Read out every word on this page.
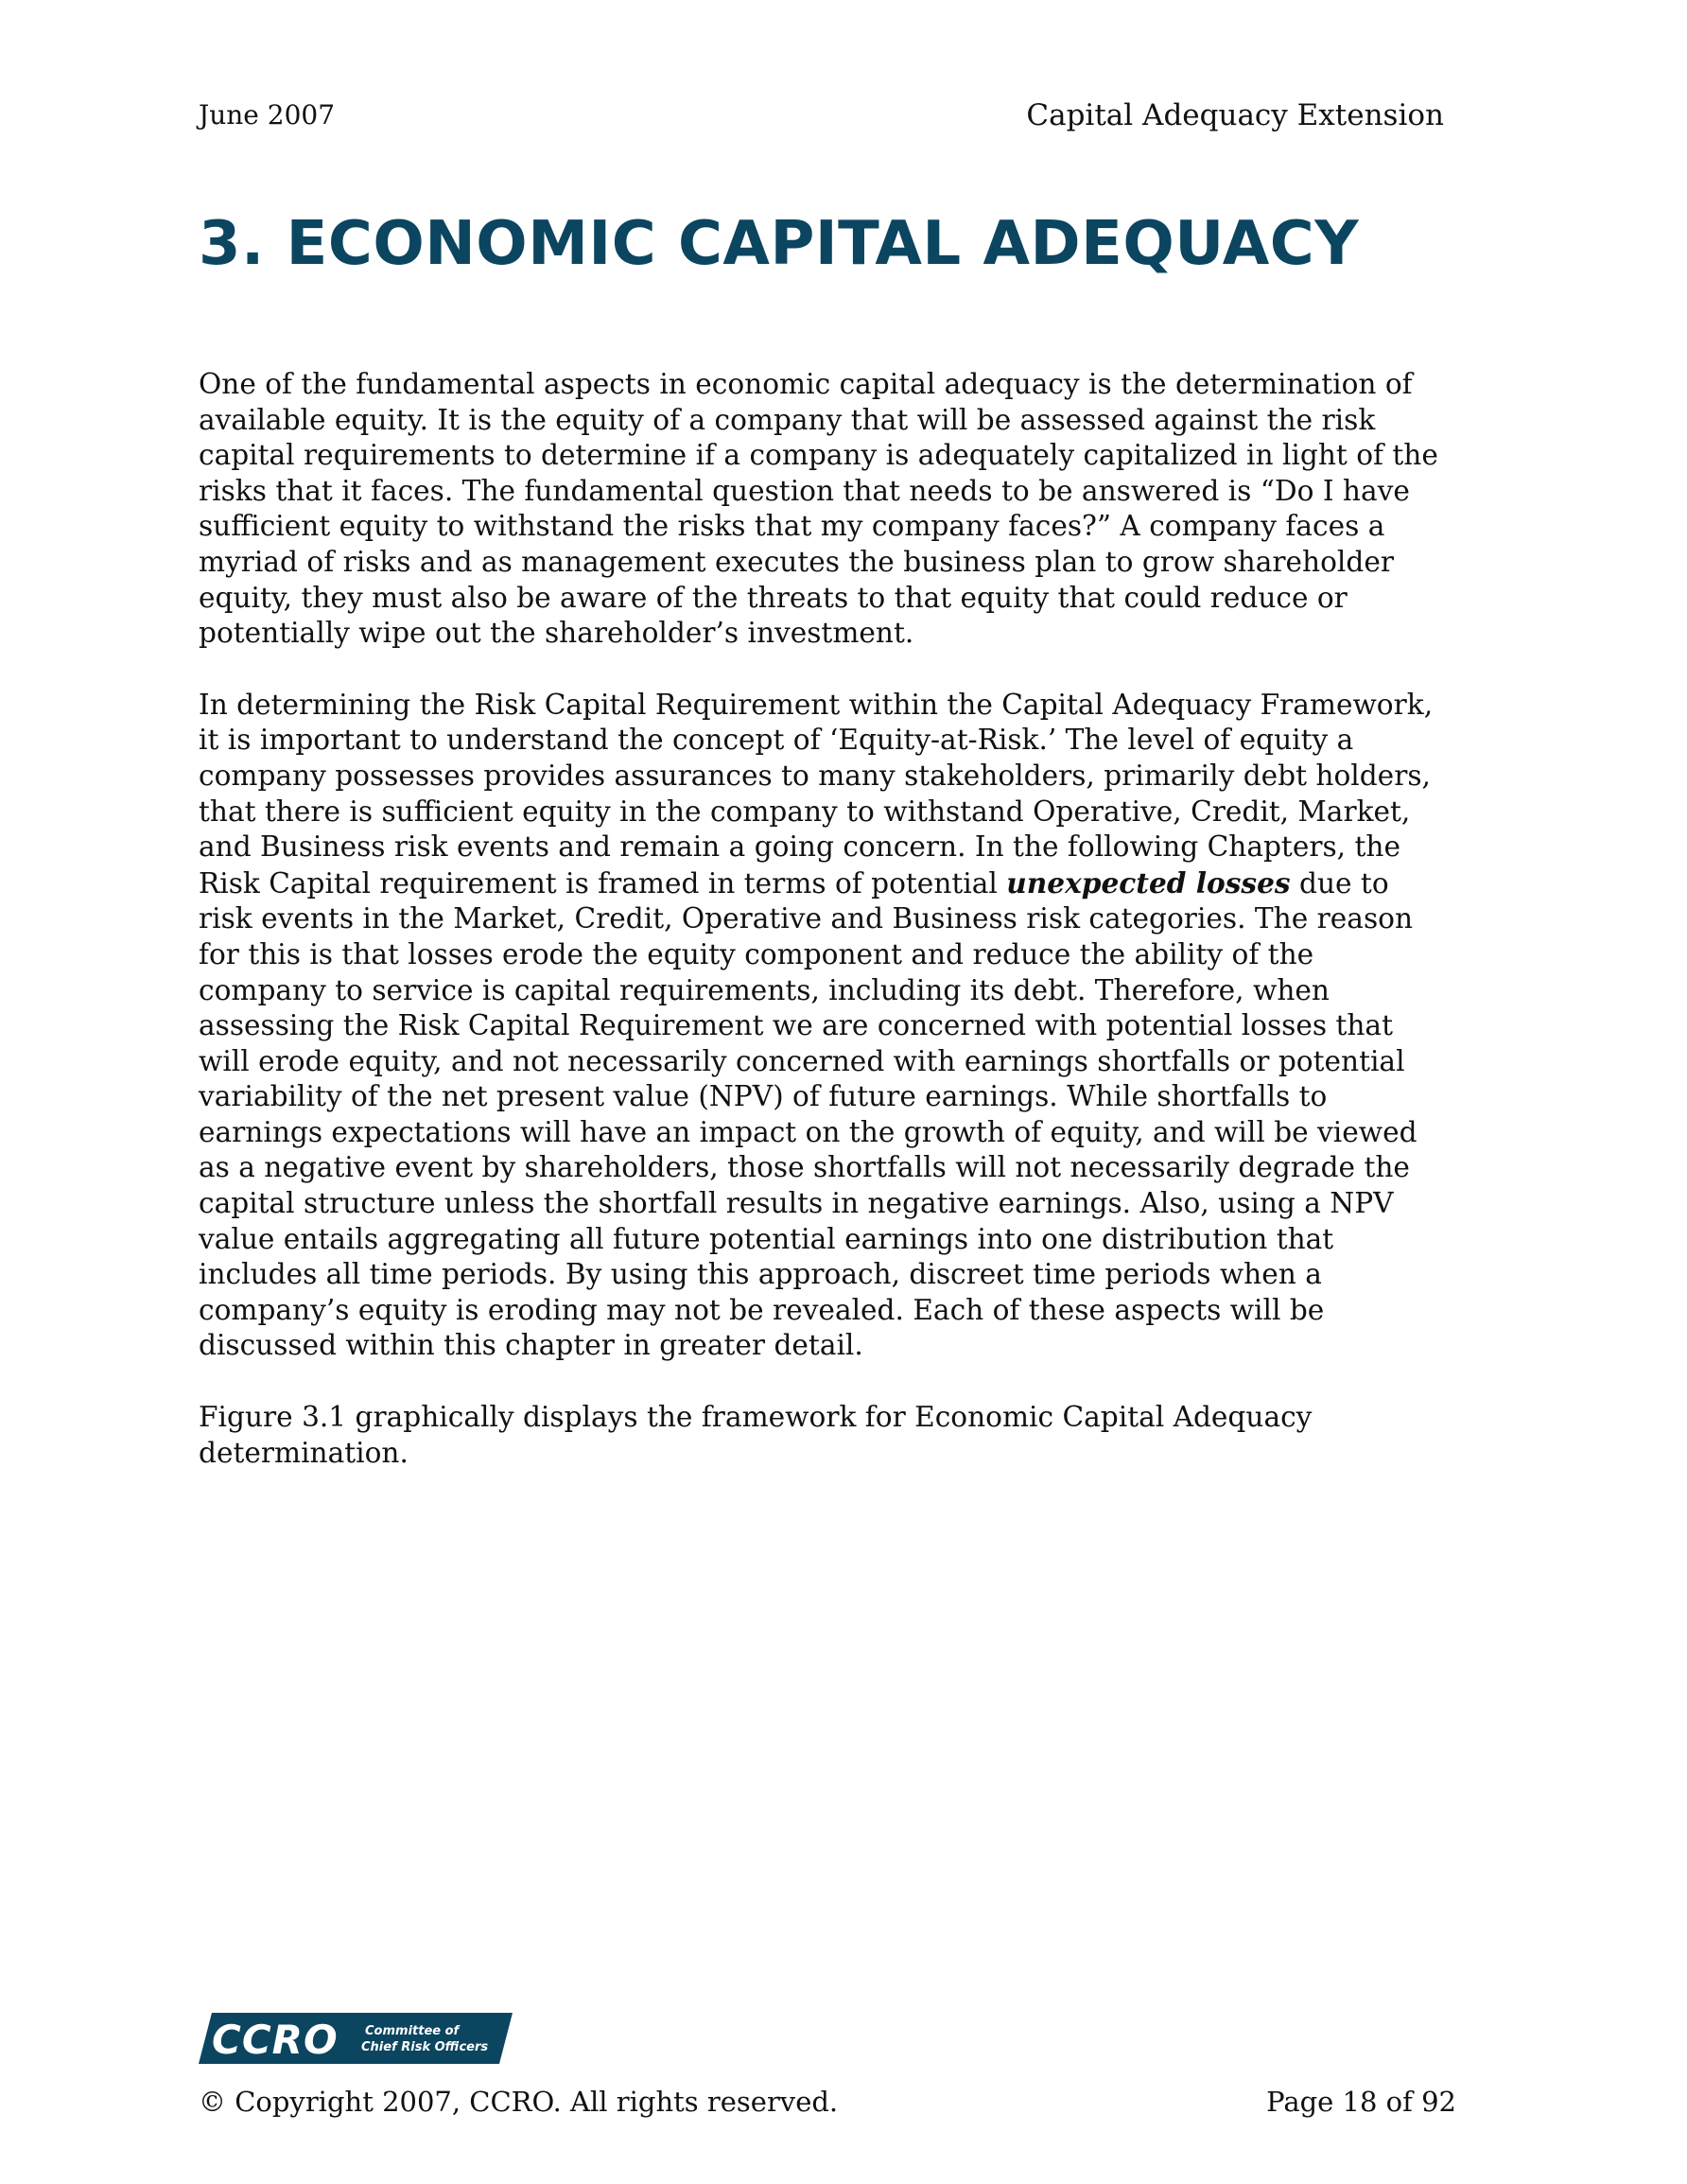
June 2007	Capital Adequacy Extension
3. ECONOMIC CAPITAL ADEQUACY

One of the fundamental aspects in economic capital adequacy is the determination of
available equity. It is the equity of a company that will be assessed against the risk
capital requirements to determine if a company is adequately capitalized in light of the
risks that it faces. The fundamental question that needs to be answered is “Do I have
sufficient equity to withstand the risks that my company faces?” A company faces a
myriad of risks and as management executes the business plan to grow shareholder
equity, they must also be aware of the threats to that equity that could reduce or
potentially wipe out the shareholder’s investment.

In determining the Risk Capital Requirement within the Capital Adequacy Framework,
it is important to understand the concept of ‘Equity-at-Risk.’ The level of equity a
company possesses provides assurances to many stakeholders, primarily debt holders,
that there is sufficient equity in the company to withstand Operative, Credit, Market,
and Business risk events and remain a going concern. In the following Chapters, the
Risk Capital requirement is framed in terms of potential unexpected losses due to
risk events in the Market, Credit, Operative and Business risk categories. The reason
for this is that losses erode the equity component and reduce the ability of the
company to service is capital requirements, including its debt. Therefore, when
assessing the Risk Capital Requirement we are concerned with potential losses that
will erode equity, and not necessarily concerned with earnings shortfalls or potential
variability of the net present value (NPV) of future earnings. While shortfalls to
earnings expectations will have an impact on the growth of equity, and will be viewed
as a negative event by shareholders, those shortfalls will not necessarily degrade the
capital structure unless the shortfall results in negative earnings. Also, using a NPV
value entails aggregating all future potential earnings into one distribution that
includes all time periods. By using this approach, discreet time periods when a
company’s equity is eroding may not be revealed. Each of these aspects will be
discussed within this chapter in greater detail.

Figure 3.1 graphically displays the framework for Economic Capital Adequacy
determination.

CCRO Committee of
Chief Risk Officers
© Copyright 2007, CCRO. All rights reserved.	Page 18 of 92
